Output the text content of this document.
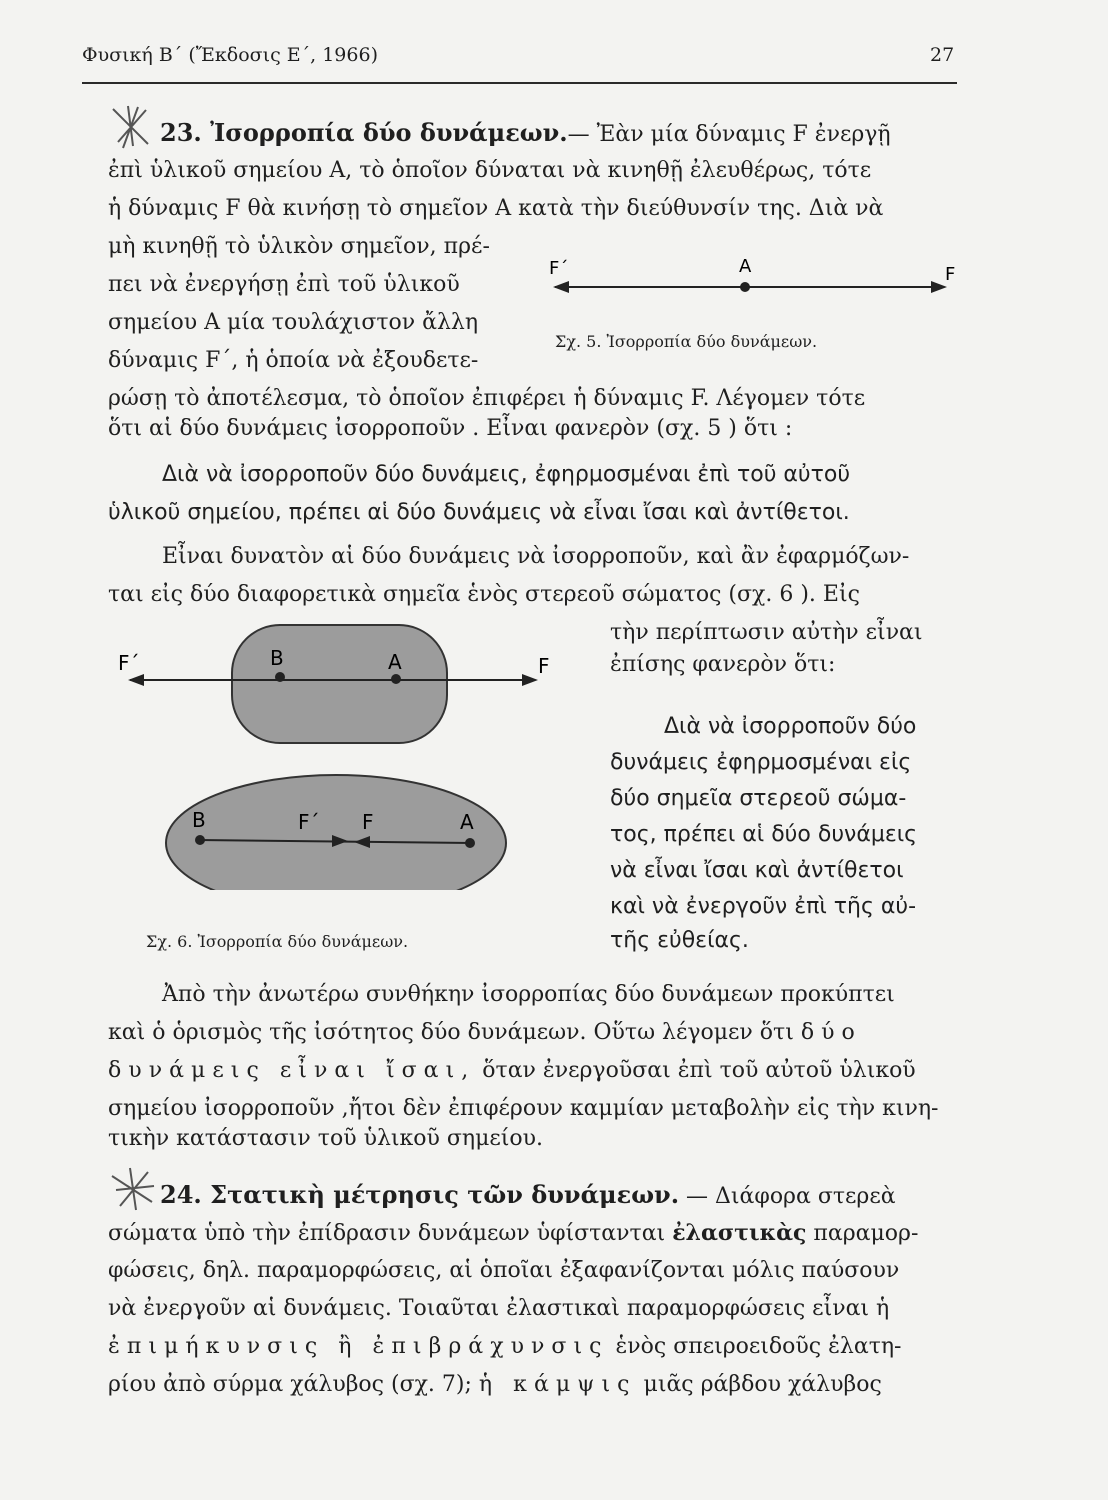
Φυσική Β΄ (Ἔκδοσις Ε΄, 1966)	27
23. Ἰσορροπία δύο δυνάμεων.— Ἐὰν μία δύναμις F ἐνεργῇ
ἐπὶ ὑλικοῦ σημείου Α, τὸ ὁποῖον δύναται νὰ κινηθῇ ἐλευθέρως, τότε
ἡ δύναμις F θὰ κινήσῃ τὸ σημεῖον Α κατὰ τὴν διεύθυνσίν της. Διὰ νὰ
μὴ κινηθῇ τὸ ὑλικὸν σημεῖον, πρέ-
πει νὰ ἐνεργήσῃ ἐπὶ τοῦ ὑλικοῦ
σημείου Α μία τουλάχιστον ἄλλη
δύναμις F΄, ἡ ὁποία νὰ ἐξουδετε-
F΄	A	F
Σχ. 5. Ἰσορροπία δύο δυνάμεων.
ρώσῃ τὸ ἀποτέλεσμα, τὸ ὁποῖον ἐπιφέρει ἡ δύναμις F. Λέγομεν τότε
ὅτι αἱ δύο δυνάμεις ἰσορροποῦν . Εἶναι φανερὸν (σχ. 5 ) ὅτι :
Διὰ νὰ ἰσορροποῦν δύο δυνάμεις, ἐφηρμοσμέναι ἐπὶ τοῦ αὐτοῦ
ὑλικοῦ σημείου, πρέπει αἱ δύο δυνάμεις νὰ εἶναι ἴσαι καὶ ἀντίθετοι.
Εἶναι δυνατὸν αἱ δύο δυνάμεις νὰ ἰσορροποῦν, καὶ ἂν ἐφαρμόζων-
ται εἰς δύο διαφορετικὰ σημεῖα ἑνὸς στερεοῦ σώματος (σχ. 6 ). Εἰς
τὴν περίπτωσιν αὐτὴν εἶναι
ἐπίσης φανερὸν ὅτι:
F΄	B	A	F
B	F΄ F	A
Διὰ νὰ ἰσορροποῦν δύο
δυνάμεις ἐφηρμοσμέναι εἰς
δύο σημεῖα στερεοῦ σώμα-
τος, πρέπει αἱ δύο δυνάμεις
νὰ εἶναι ἴσαι καὶ ἀντίθετοι
καὶ νὰ ἐνεργοῦν ἐπὶ τῆς αὐ-
τῆς εὐθείας.
Σχ. 6. Ἰσορροπία δύο δυνάμεων.
Ἀπὸ τὴν ἀνωτέρω συνθήκην ἰσορροπίας δύο δυνάμεων προκύπτει
καὶ ὁ ὁρισμὸς τῆς ἰσότητος δύο δυνάμεων. Οὕτω λέγομεν ὅτι δύο
δυνάμεις εἶναι ἴσαι, ὅταν ἐνεργοῦσαι ἐπὶ τοῦ αὐτοῦ ὑλικοῦ
σημείου ἰσορροποῦν ,ἤτοι δὲν ἐπιφέρουν καμμίαν μεταβολὴν εἰς τὴν κινη-
τικὴν κατάστασιν τοῦ ὑλικοῦ σημείου.
24. Στατικὴ μέτρησις τῶν δυνάμεων. — Διάφορα στερεὰ
σώματα ὑπὸ τὴν ἐπίδρασιν δυνάμεων ὑφίστανται ἐλαστικὰς παραμορ-
φώσεις, δηλ. παραμορφώσεις, αἱ ὁποῖαι ἐξαφανίζονται μόλις παύσουν
νὰ ἐνεργοῦν αἱ δυνάμεις. Τοιαῦται ἐλαστικαὶ παραμορφώσεις εἶναι ἡ
ἐπιμήκυνσις ἢ ἐπιβράχυνσις ἑνὸς σπειροειδοῦς ἐλατη-
ρίου ἀπὸ σύρμα χάλυβος (σχ. 7); ἡ κάμψις μιᾶς ράβδου χάλυβος
